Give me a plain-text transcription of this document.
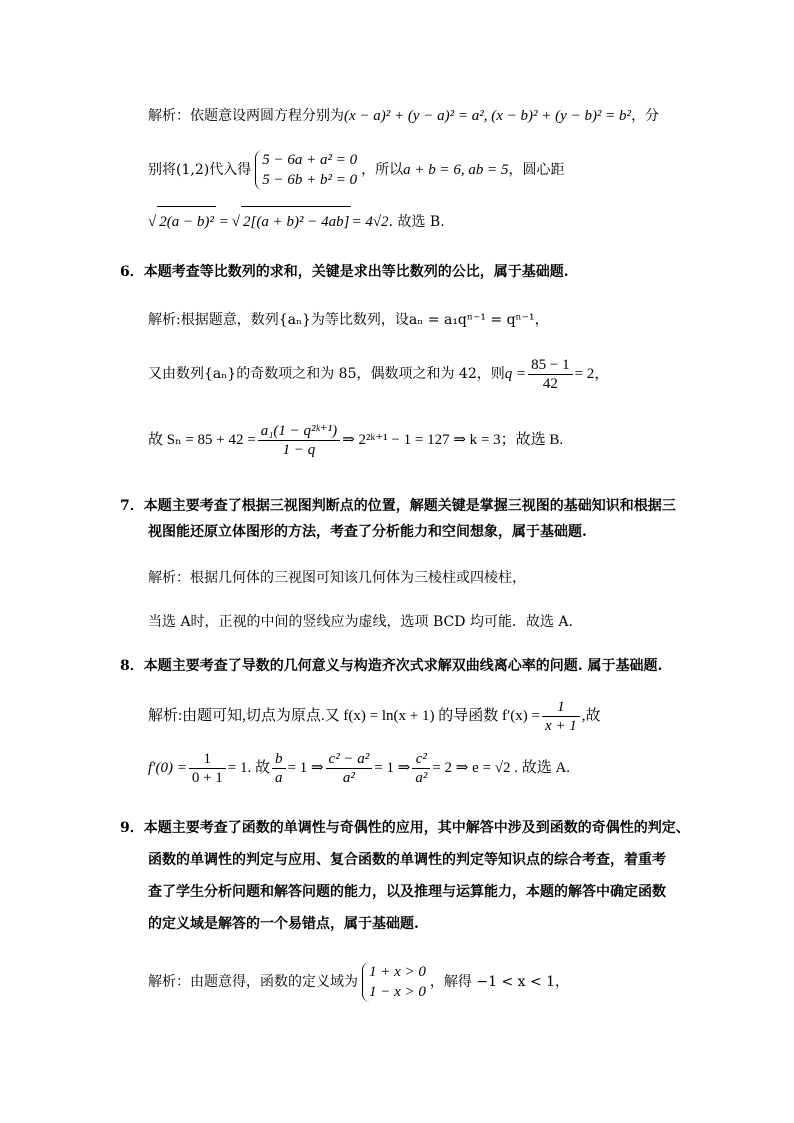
解析：依题意设两圆方程分别为(x − a)² + (y − a)² = a², (x − b)² + (y − b)² = b²，分
别将(1,2)代入得
5 − 6a + a² = 0
5 − 6b + b² = 0
，所以a + b = 6, ab = 5，圆心距
√ 2(a − b)² = √ 2[(a + b)² − 4ab] = 4√2. 故选 B.
6．本题考查等比数列的求和，关键是求出等比数列的公比，属于基础题.
解析:根据题意，数列{aₙ}为等比数列，设aₙ = a₁qⁿ⁻¹ = qⁿ⁻¹，
又由数列{aₙ}的奇数项之和为 85，偶数项之和为 42，则$q = \frac{85 - 1}{42} = 2$，
故 $S_n = 85 + 42 = \frac{\text{a₁(1 − q²ᵏ⁺¹)}}{1 - q}$ ⇒ 2²ᵏ⁺¹ − 1 = 127 ⇒ k = 3；故选 B.
7．本题主要考查了根据三视图判断点的位置，解题关键是掌握三视图的基础知识和根据三
视图能还原立体图形的方法，考查了分析能力和空间想象，属于基础题.
解析：根据几何体的三视图可知该几何体为三棱柱或四棱柱，
当选 A时，正视的中间的竖线应为虚线，选项 BCD 均可能．故选 A.
8．本题主要考查了导数的几何意义与构造齐次式求解双曲线离心率的问题. 属于基础题.
解析:由题可知,切点为原点.又 f(x) = ln(x + 1) 的导函数 $f'(x) = \frac{1}{x + 1}$ ,故
$f'(0) = \frac{1}{0 + 1} = 1$. 故 $\frac{b}{a} = 1$ ⇒ $\frac{\text{c² − a²}}{\text{a²}} = 1$ ⇒ $\frac{\text{c²}}{\text{a²}} = 2$ ⇒ e = √2 . 故选 A.
9．本题主要考查了函数的单调性与奇偶性的应用，其中解答中涉及到函数的奇偶性的判定、
函数的单调性的判定与应用、复合函数的单调性的判定等知识点的综合考查，着重考
查了学生分析问题和解答问题的能力，以及推理与运算能力，本题的解答中确定函数
的定义域是解答的一个易错点，属于基础题.
解析：由题意得，函数的定义域为
1 + x > 0
1 − x > 0
，解得 −1 < x < 1，
